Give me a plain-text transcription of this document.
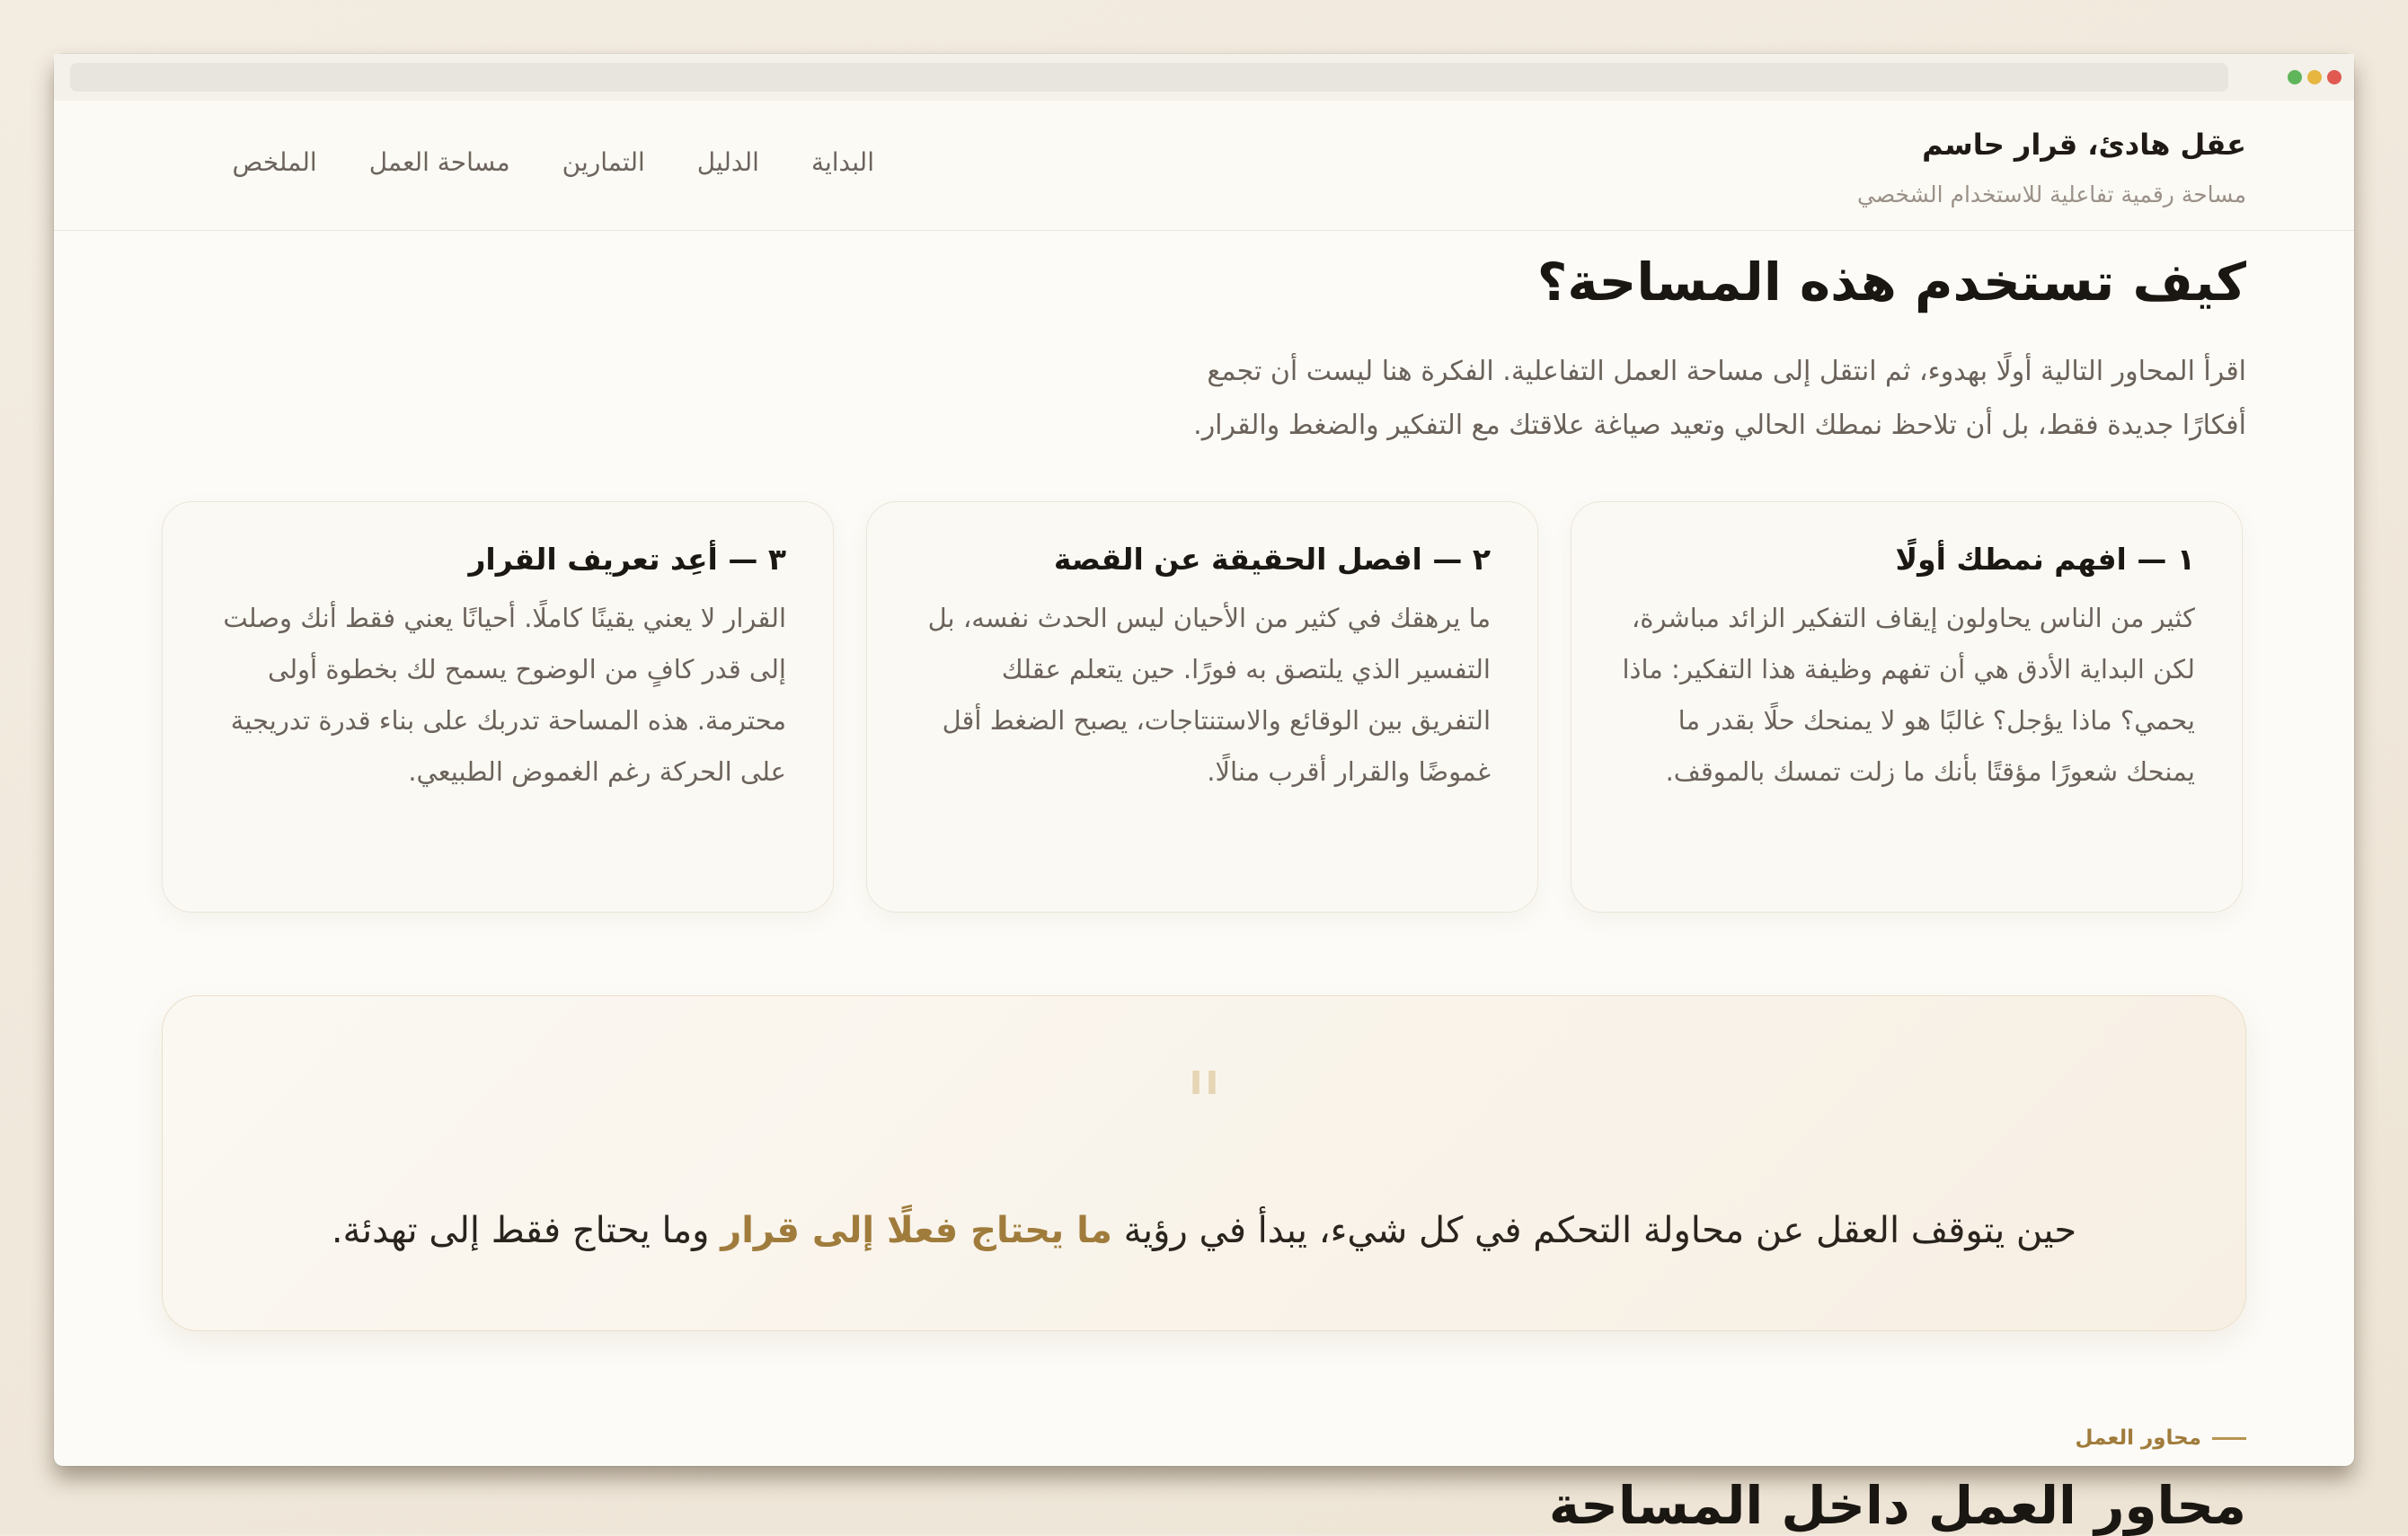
عقل هادئ، قرار حاسم
مساحة رقمية تفاعلية للاستخدام الشخصي
البداية
الدليل
التمارين
مساحة العمل
الملخص
كيف تستخدم هذه المساحة؟
اقرأ المحاور التالية أولًا بهدوء، ثم انتقل إلى مساحة العمل التفاعلية. الفكرة هنا ليست أن تجمع
أفكارًا جديدة فقط، بل أن تلاحظ نمطك الحالي وتعيد صياغة علاقتك مع التفكير والضغط والقرار.
١ — افهم نمطك أولًا
كثير من الناس يحاولون إيقاف التفكير الزائد مباشرة، لكن البداية الأدق هي أن تفهم وظيفة هذا التفكير: ماذا يحمي؟ ماذا يؤجل؟ غالبًا هو لا يمنحك حلًا بقدر ما يمنحك شعورًا مؤقتًا بأنك ما زلت تمسك بالموقف.
٢ — افصل الحقيقة عن القصة
ما يرهقك في كثير من الأحيان ليس الحدث نفسه، بل التفسير الذي يلتصق به فورًا. حين يتعلم عقلك التفريق بين الوقائع والاستنتاجات، يصبح الضغط أقل غموضًا والقرار أقرب منالًا.
٣ — أعِد تعريف القرار
القرار لا يعني يقينًا كاملًا. أحيانًا يعني فقط أنك وصلت إلى قدر كافٍ من الوضوح يسمح لك بخطوة أولى محترمة. هذه المساحة تدربك على بناء قدرة تدريجية على الحركة رغم الغموض الطبيعي.
"
حين يتوقف العقل عن محاولة التحكم في كل شيء، يبدأ في رؤية ما يحتاج فعلًا إلى قرار وما يحتاج فقط إلى تهدئة.
محاور العمل
محاور العمل داخل المساحة
